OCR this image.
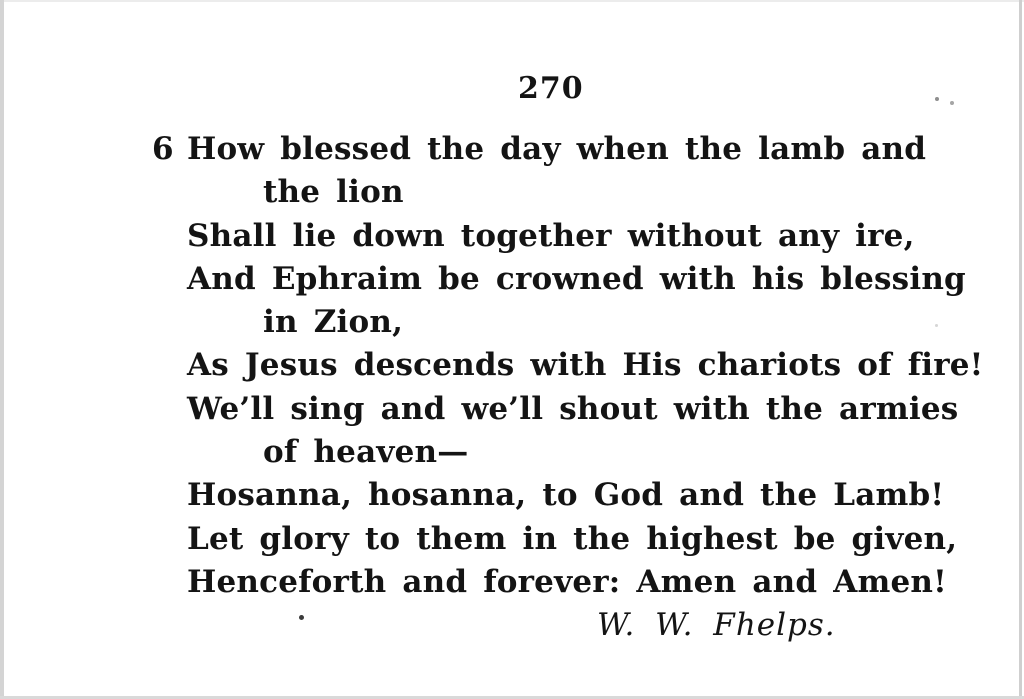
270
6 How blessed the day when the lamb and
the lion
Shall lie down together without any ire,
And Ephraim be crowned with his blessing
in Zion,
As Jesus descends with His chariots of fire!
We’ll sing and we’ll shout with the armies
of heaven—
Hosanna, hosanna, to God and the Lamb!
Let glory to them in the highest be given,
Henceforth and forever: Amen and Amen!
W. W. Fhelps.
